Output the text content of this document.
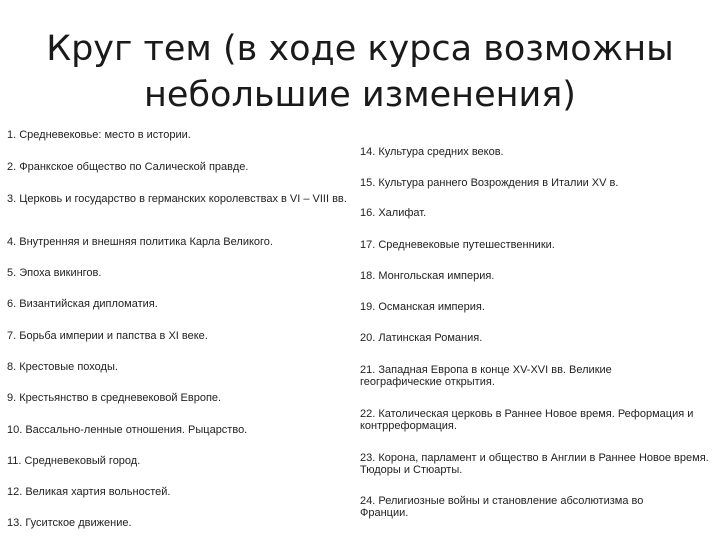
Круг тем (в ходе курса возможны
небольшие изменения)
1. Средневековье: место в истории.
2. Франкское общество по Салической правде.
3. Церковь и государство в германских королевствах в VI – VIII вв.
4. Внутренняя и внешняя политика Карла Великого.
5. Эпоха викингов.
6. Византийская дипломатия.
7. Борьба империи и папства в XI веке.
8. Крестовые походы.
9. Крестьянство в средневековой Европе.
10. Вассально-ленные отношения. Рыцарство.
11. Средневековый город.
12. Великая хартия вольностей.
13. Гуситское движение.
14. Культура средних веков.
15. Культура раннего Возрождения в Италии XV в.
16. Халифат.
17. Средневековые путешественники.
18. Монгольская империя.
19. Османская империя.
20. Латинская Романия.
21. Западная Европа в конце XV-XVI вв. Великие географические открытия.
22. Католическая церковь в Раннее Новое время. Реформация и контрреформация.
23. Корона, парламент и общество в Англии в Раннее Новое время. Тюдоры и Стюарты.
24. Религиозные войны и становление абсолютизма во Франции.
